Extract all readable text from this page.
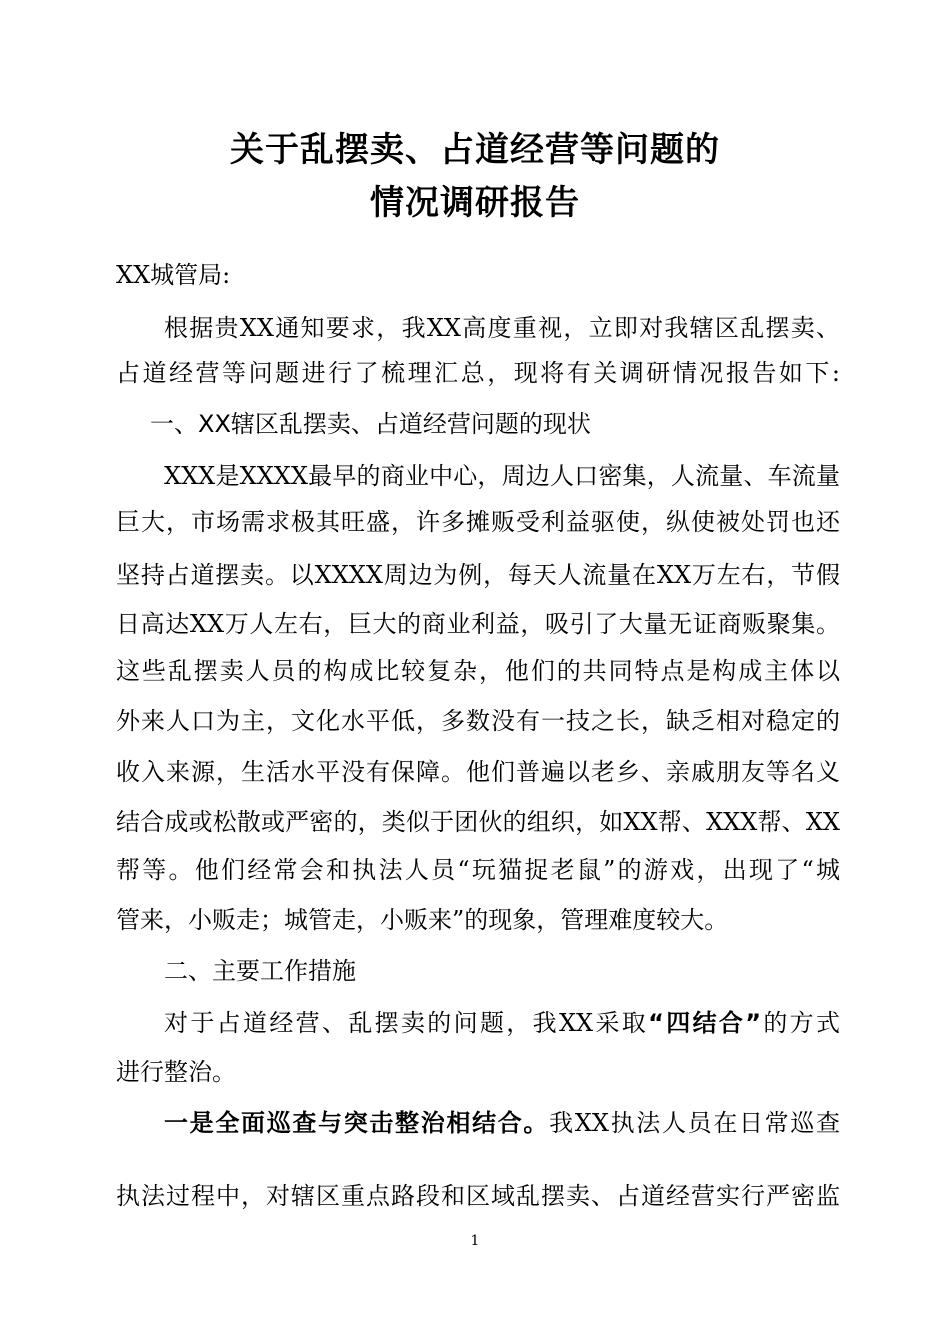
关于乱摆卖、占道经营等问题的
情况调研报告
XX城管局:
根据贵XX通知要求，我XX高度重视，立即对我辖区乱摆卖、
占道经营等问题进行了梳理汇总，现将有关调研情况报告如下:
一、XX辖区乱摆卖、占道经营问题的现状
XXX是XXXX最早的商业中心，周边人口密集，人流量、车流量
巨大，市场需求极其旺盛，许多摊贩受利益驱使，纵使被处罚也还
坚持占道摆卖。以XXXX周边为例，每天人流量在XX万左右，节假
日高达XX万人左右，巨大的商业利益，吸引了大量无证商贩聚集。
这些乱摆卖人员的构成比较复杂，他们的共同特点是构成主体以
外来人口为主，文化水平低，多数没有一技之长，缺乏相对稳定的
收入来源，生活水平没有保障。他们普遍以老乡、亲戚朋友等名义
结合成或松散或严密的，类似于团伙的组织，如XX帮、XXX帮、XX
帮等。他们经常会和执法人员“玩猫捉老鼠”的游戏，出现了“城
管来，小贩走；城管走，小贩来”的现象，管理难度较大。
二、主要工作措施
对于占道经营、乱摆卖的问题，我XX采取“四结合”的方式
进行整治。
一是全面巡查与突击整治相结合。我XX执法人员在日常巡查
执法过程中，对辖区重点路段和区域乱摆卖、占道经营实行严密监
1
